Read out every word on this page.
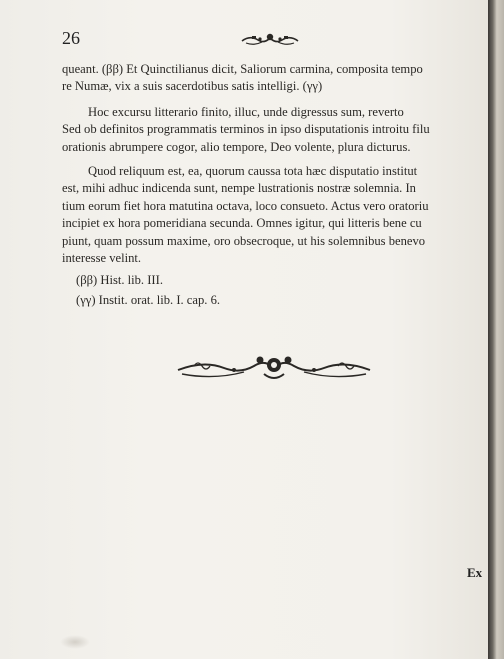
26
queant. (ββ) Et Quinctilianus dicit, Saliorum carmina, composita tempo
re Numæ, vix a suis sacerdotibus satis intelligi. (γγ)
Hoc excursu litterario finito, illuc, unde digressus sum, reverto
Sed ob definitos programmatis terminos in ipso disputationis introitu filu
orationis abrumpere cogor, alio tempore, Deo volente, plura dicturus.
Quod reliquum est, ea, quorum caussa tota hæc disputatio institut
est, mihi adhuc indicenda sunt, nempe lustrationis nostræ solemnia. In
tium eorum fiet hora matutina octava, loco consueto. Actus vero oratoriu
incipiet ex hora pomeridiana secunda. Omnes igitur, qui litteris bene cu
piunt, quam possum maxime, oro obsecroque, ut his solemnibus benevo
interesse velint.
(ββ) Hist. lib. III.
(γγ) Instit. orat. lib. I. cap. 6.
Ex
